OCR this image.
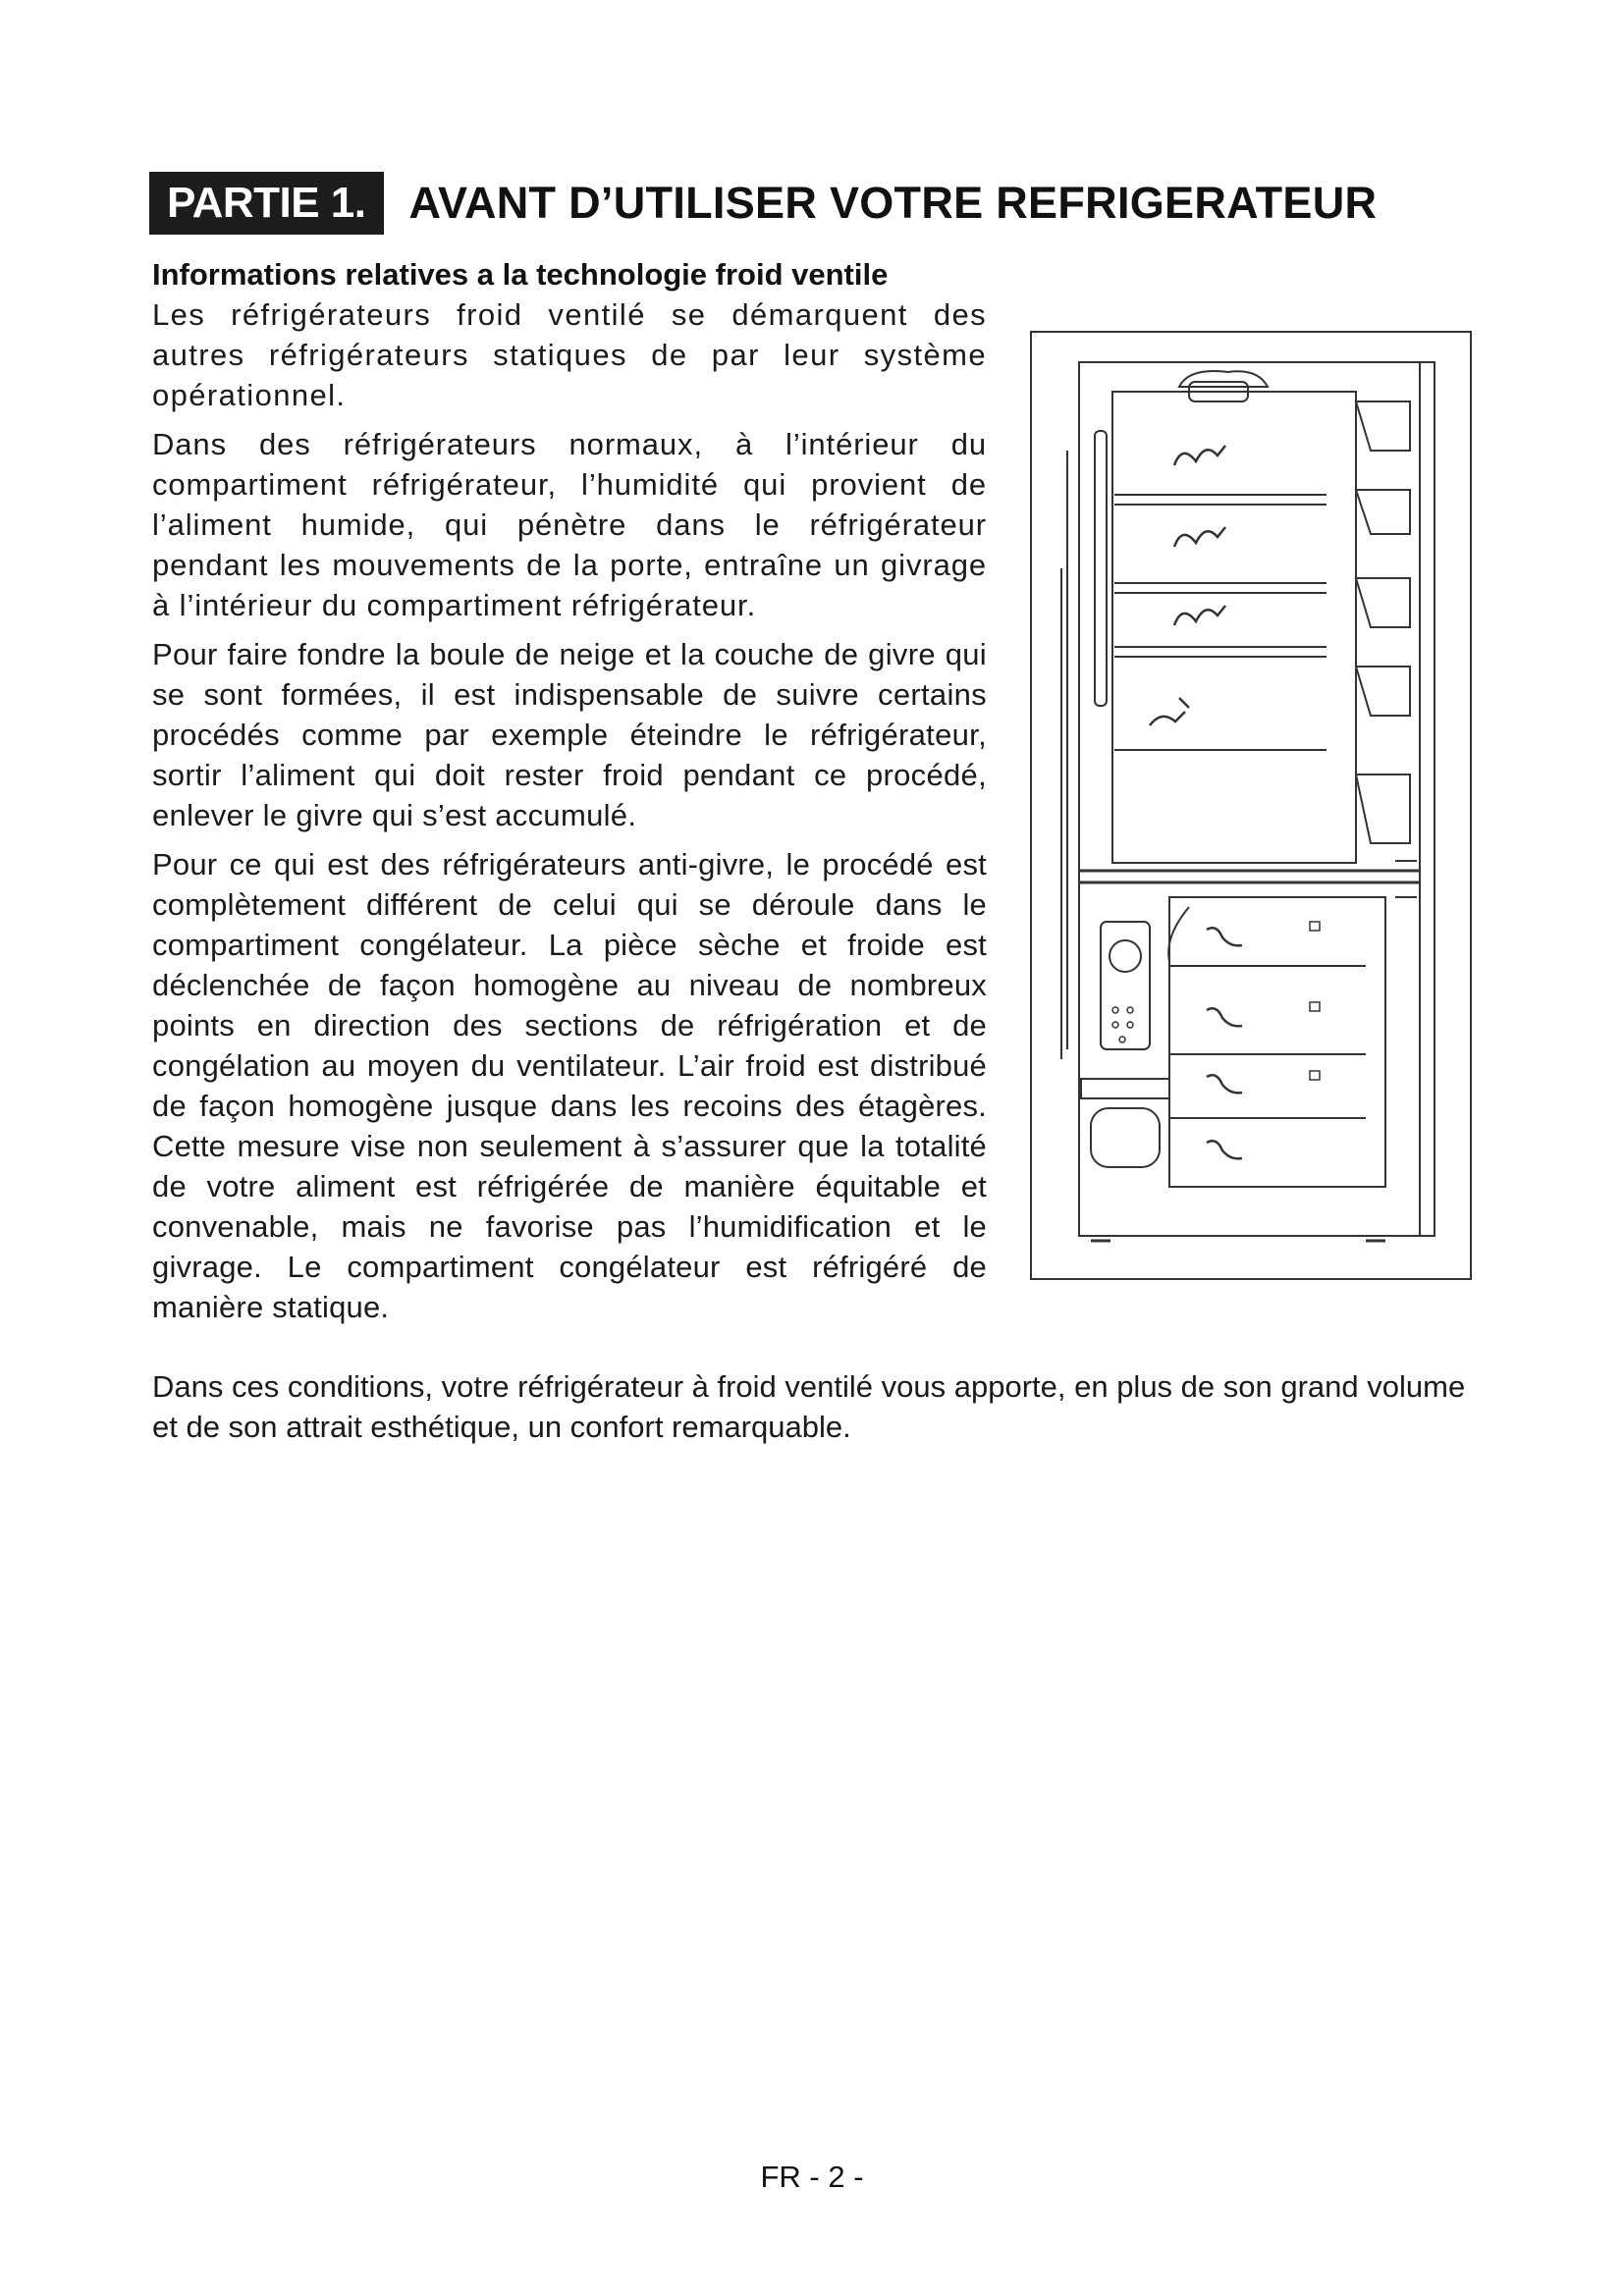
PARTIE 1. AVANT D’UTILISER VOTRE REFRIGERATEUR
Informations relatives a la technologie froid ventile

Les réfrigérateurs froid ventilé se démarquent des autres réfrigérateurs statiques de par leur système opérationnel.

Dans des réfrigérateurs normaux, à l’intérieur du compartiment réfrigérateur, l’humidité qui provient de l’aliment humide, qui pénètre dans le réfrigérateur pendant les mouvements de la porte, entraîne un givrage à l’intérieur du compartiment réfrigérateur.

Pour faire fondre la boule de neige et la couche de givre qui se sont formées, il est indispensable de suivre certains procédés comme par exemple éteindre le réfrigérateur, sortir l’aliment qui doit rester froid pendant ce procédé, enlever le givre qui s’est accumulé.

Pour ce qui est des réfrigérateurs anti-givre, le procédé est complètement différent de celui qui se déroule dans le compartiment congélateur. La pièce sèche et froide est déclenchée de façon homogène au niveau de nombreux points en direction des sections de réfrigération et de congélation au moyen du ventilateur. L’air froid est distribué de façon homogène jusque dans les recoins des étagères. Cette mesure vise non seulement à s’assurer que la totalité de votre aliment est réfrigérée de manière équitable et convenable, mais ne favorise pas l’humidification et le givrage. Le compartiment congélateur est réfrigéré de manière statique.

Dans ces conditions, votre réfrigérateur à froid ventilé vous apporte, en plus de son grand volume et de son attrait esthétique, un confort remarquable.

FR - 2 -
